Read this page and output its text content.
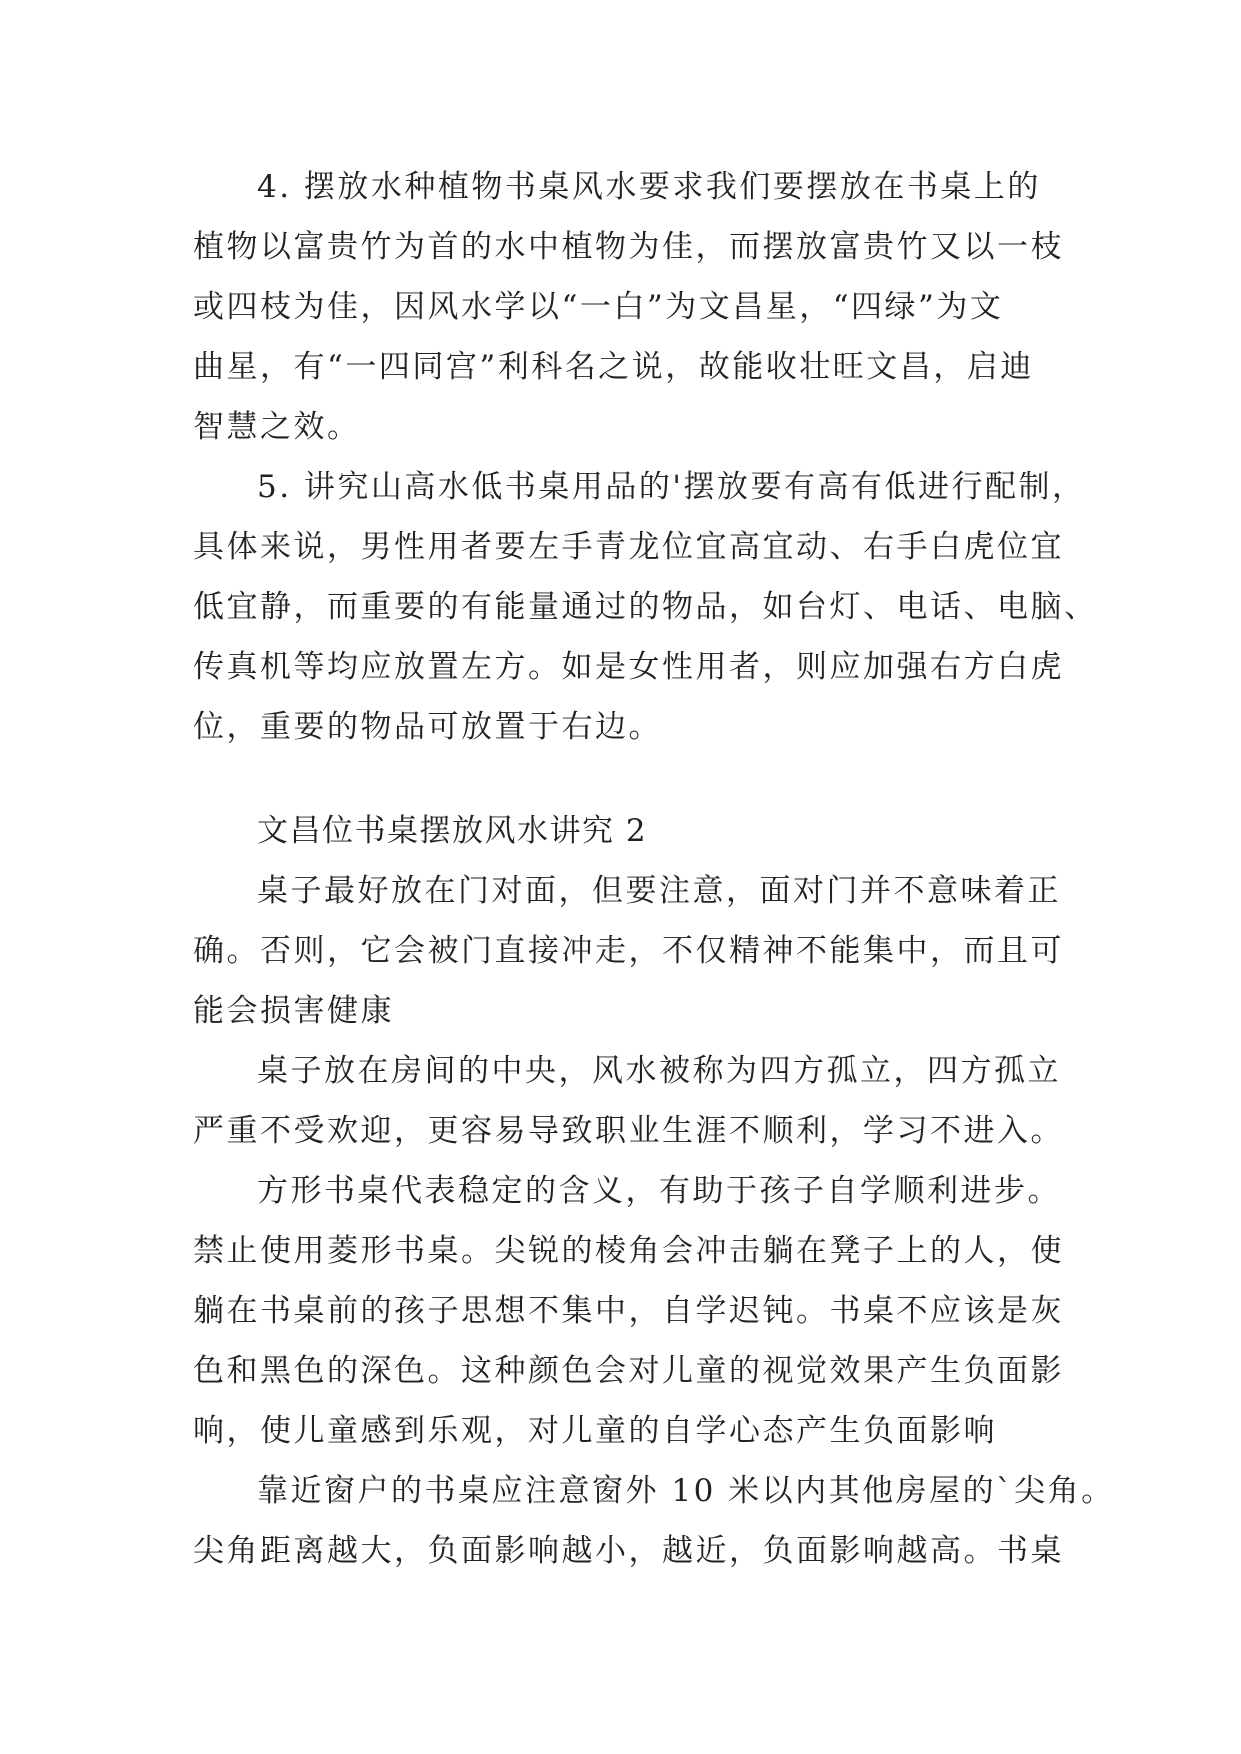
4. 摆放水种植物书桌风水要求我们要摆放在书桌上的
植物以富贵竹为首的水中植物为佳，而摆放富贵竹又以一枝
或四枝为佳，因风水学以“一白”为文昌星，“四绿”为文
曲星，有“一四同宫”利科名之说，故能收壮旺文昌，启迪
智慧之效。
5. 讲究山高水低书桌用品的'摆放要有高有低进行配制，
具体来说，男性用者要左手青龙位宜高宜动、右手白虎位宜
低宜静，而重要的有能量通过的物品，如台灯、电话、电脑、
传真机等均应放置左方。如是女性用者，则应加强右方白虎
位，重要的物品可放置于右边。
文昌位书桌摆放风水讲究 2
桌子最好放在门对面，但要注意，面对门并不意味着正
确。否则，它会被门直接冲走，不仅精神不能集中，而且可
能会损害健康
桌子放在房间的中央，风水被称为四方孤立，四方孤立
严重不受欢迎，更容易导致职业生涯不顺利，学习不进入。
方形书桌代表稳定的含义，有助于孩子自学顺利进步。
禁止使用菱形书桌。尖锐的棱角会冲击躺在凳子上的人，使
躺在书桌前的孩子思想不集中，自学迟钝。书桌不应该是灰
色和黑色的深色。这种颜色会对儿童的视觉效果产生负面影
响，使儿童感到乐观，对儿童的自学心态产生负面影响
靠近窗户的书桌应注意窗外 10 米以内其他房屋的`尖角。
尖角距离越大，负面影响越小，越近，负面影响越高。书桌
